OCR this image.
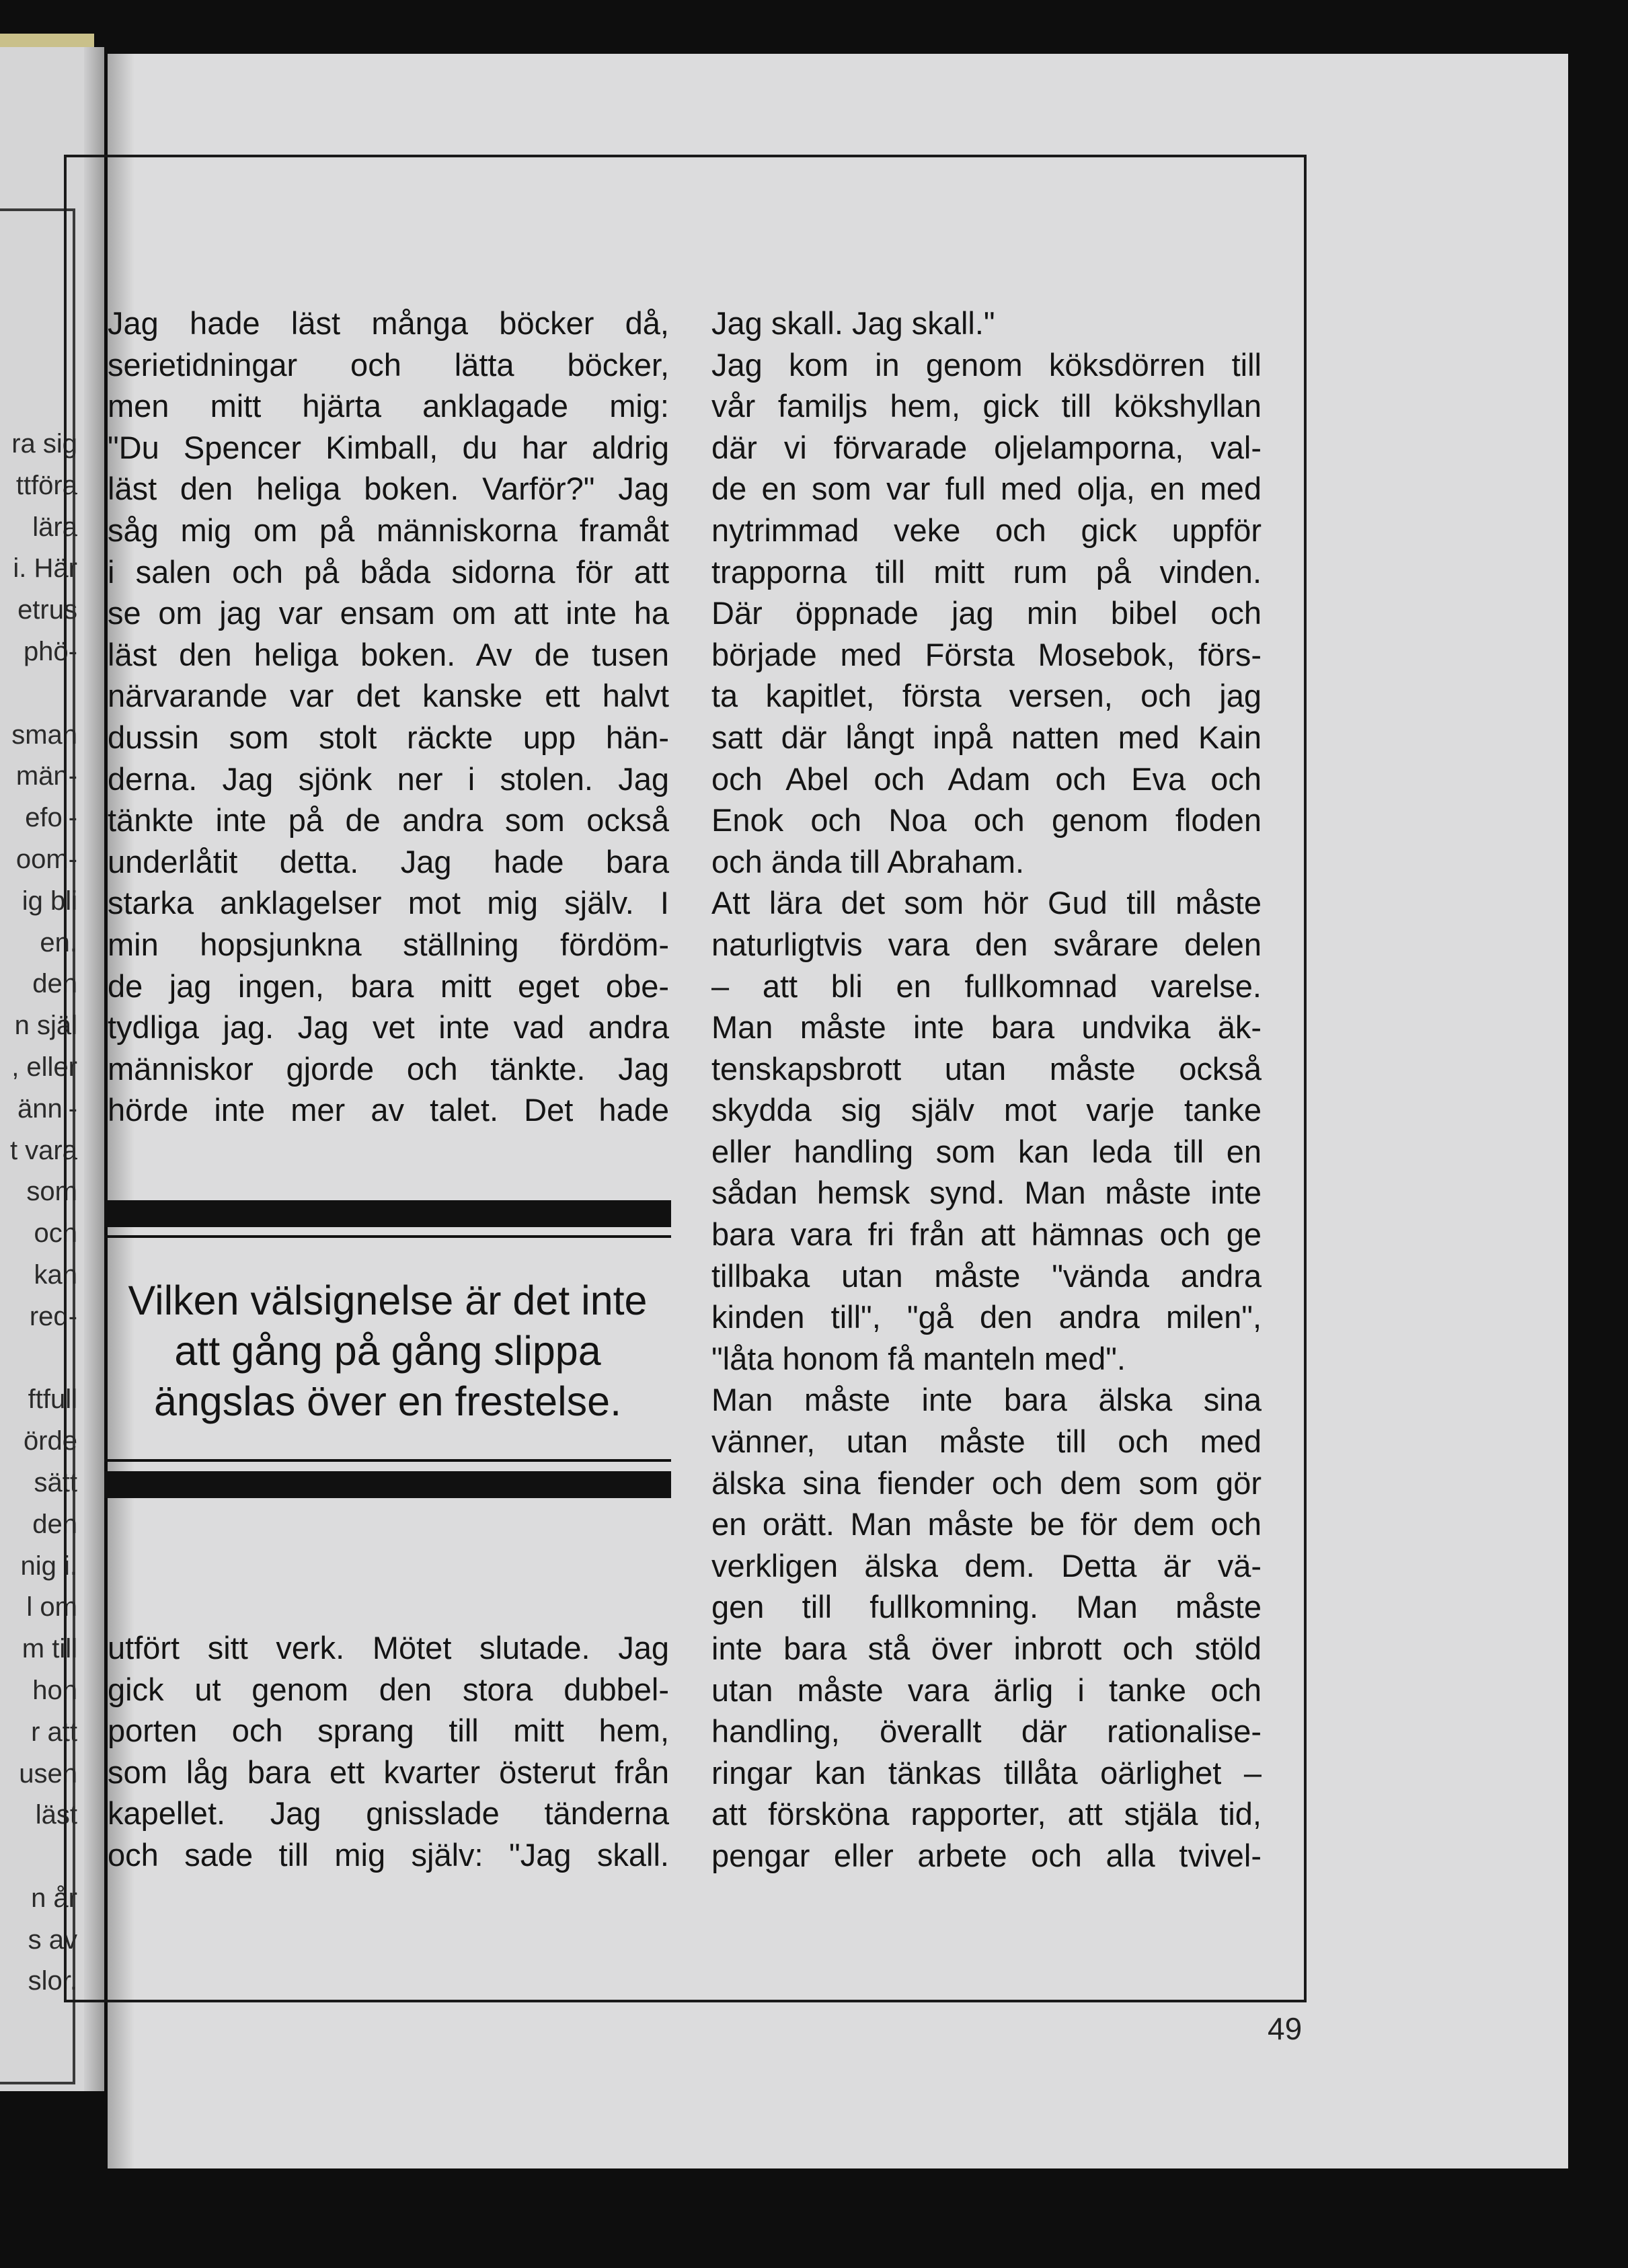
ra sig
ttföra
lära
i. Här
etrus
phö-
sman
män-
efol-
oom-
ig bli
en.
den
n själ
, eller
änni-
t vara
som
och
kan
red-
ftfull
örde
sätt
den
nig i.
l om
m till
hon
r att
usen
läst
n år
s av
slor.
Jag hade läst många böcker då,
serietidningar och lätta böcker,
men mitt hjärta anklagade mig:
"Du Spencer Kimball, du har aldrig
läst den heliga boken. Varför?" Jag
såg mig om på människorna framåt
i salen och på båda sidorna för att
se om jag var ensam om att inte ha
läst den heliga boken. Av de tusen
närvarande var det kanske ett halvt
dussin som stolt räckte upp hän-
derna. Jag sjönk ner i stolen. Jag
tänkte inte på de andra som också
underlåtit detta. Jag hade bara
starka anklagelser mot mig själv. I
min hopsjunkna ställning fördöm-
de jag ingen, bara mitt eget obe-
tydliga jag. Jag vet inte vad andra
människor gjorde och tänkte. Jag
hörde inte mer av talet. Det hade
Vilken välsignelse är det inte att gång på gång slippa ängslas över en frestelse.
utfört sitt verk. Mötet slutade. Jag
gick ut genom den stora dubbel-
porten och sprang till mitt hem,
som låg bara ett kvarter österut från
kapellet. Jag gnisslade tänderna
och sade till mig själv: "Jag skall.
Jag skall. Jag skall."
Jag kom in genom köksdörren till
vår familjs hem, gick till kökshyllan
där vi förvarade oljelamporna, val-
de en som var full med olja, en med
nytrimmad veke och gick uppför
trapporna till mitt rum på vinden.
Där öppnade jag min bibel och
började med Första Mosebok, förs-
ta kapitlet, första versen, och jag
satt där långt inpå natten med Kain
och Abel och Adam och Eva och
Enok och Noa och genom floden
och ända till Abraham.
Att lära det som hör Gud till måste
naturligtvis vara den svårare delen
– att bli en fullkomnad varelse.
Man måste inte bara undvika äk-
tenskapsbrott utan måste också
skydda sig själv mot varje tanke
eller handling som kan leda till en
sådan hemsk synd. Man måste inte
bara vara fri från att hämnas och ge
tillbaka utan måste "vända andra
kinden till", "gå den andra milen",
"låta honom få manteln med".
Man måste inte bara älska sina
vänner, utan måste till och med
älska sina fiender och dem som gör
en orätt. Man måste be för dem och
verkligen älska dem. Detta är vä-
gen till fullkomning. Man måste
inte bara stå över inbrott och stöld
utan måste vara ärlig i tanke och
handling, överallt där rationalise-
ringar kan tänkas tillåta oärlighet –
att försköna rapporter, att stjäla tid,
pengar eller arbete och alla tvivel-
49
